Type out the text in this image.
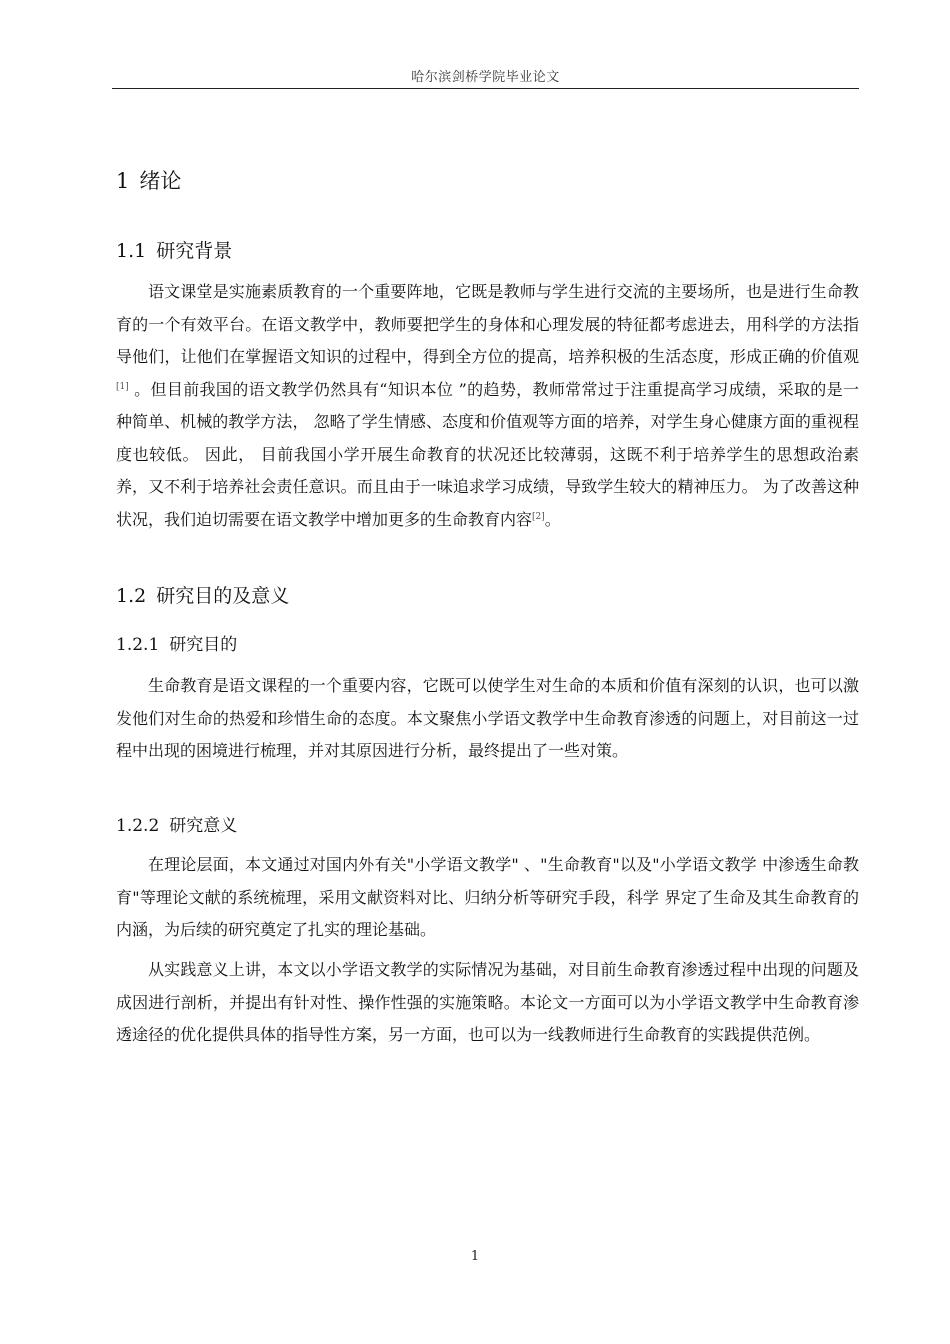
哈尔滨剑桥学院毕业论文
1 绪论
1.1 研究背景

语文课堂是实施素质教育的一个重要阵地，它既是教师与学生进行交流的主要场所，也是进行生命教育的一个有效平台。在语文教学中，教师要把学生的身体和心理发展的特征都考虑进去，用科学的方法指导他们，让他们在掌握语文知识的过程中，得到全方位的提高，培养积极的生活态度，形成正确的价值观[1] 。但目前我国的语文教学仍然具有“知识本位 ”的趋势，教师常常过于注重提高学习成绩，采取的是一种简单、机械的教学方法， 忽略了学生情感、态度和价值观等方面的培养，对学生身心健康方面的重视程度也较低。 因此， 目前我国小学开展生命教育的状况还比较薄弱，这既不利于培养学生的思想政治素 养，又不利于培养社会责任意识。而且由于一味追求学习成绩，导致学生较大的精神压力。 为了改善这种状况，我们迫切需要在语文教学中增加更多的生命教育内容[2]。

1.2 研究目的及意义
1.2.1 研究目的

生命教育是语文课程的一个重要内容，它既可以使学生对生命的本质和价值有深刻的认识，也可以激发他们对生命的热爱和珍惜生命的态度。本文聚焦小学语文教学中生命教育渗透的问题上，对目前这一过程中出现的困境进行梳理，并对其原因进行分析，最终提出了一些对策。

1.2.2 研究意义

在理论层面，本文通过对国内外有关"小学语文教学" 、"生命教育"以及"小学语文教学 中渗透生命教育"等理论文献的系统梳理，采用文献资料对比、归纳分析等研究手段，科学 界定了生命及其生命教育的内涵，为后续的研究奠定了扎实的理论基础。

从实践意义上讲，本文以小学语文教学的实际情况为基础，对目前生命教育渗透过程中出现的问题及成因进行剖析，并提出有针对性、操作性强的实施策略。本论文一方面可以为小学语文教学中生命教育渗透途径的优化提供具体的指导性方案，另一方面，也可以为一线教师进行生命教育的实践提供范例。

1
